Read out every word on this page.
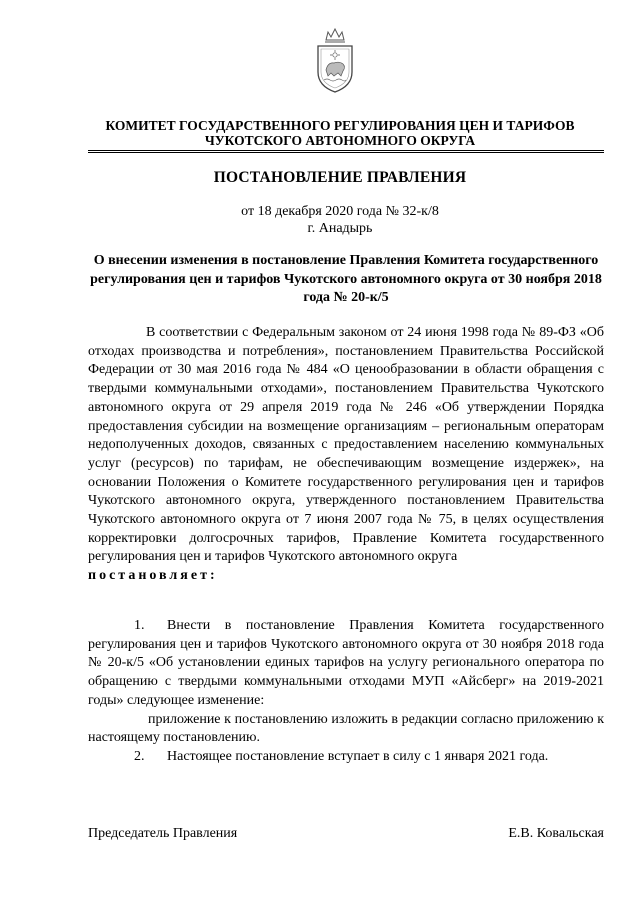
КОМИТЕТ ГОСУДАРСТВЕННОГО РЕГУЛИРОВАНИЯ ЦЕН И ТАРИФОВ
ЧУКОТСКОГО АВТОНОМНОГО ОКРУГА
ПОСТАНОВЛЕНИЕ ПРАВЛЕНИЯ
от 18 декабря 2020 года № 32-к/8
г. Анадырь
О внесении изменения в постановление Правления Комитета государственного регулирования цен и тарифов Чукотского автономного округа от 30 ноября 2018 года № 20-к/5

В соответствии с Федеральным законом от 24 июня 1998 года № 89-ФЗ «Об отходах производства и потребления», постановлением Правительства Российской Федерации от 30 мая 2016 года № 484 «О ценообразовании в области обращения с твердыми коммунальными отходами», постановлением Правительства Чукотского автономного округа от 29 апреля 2019 года № 246 «Об утверждении Порядка предоставления субсидии на возмещение организациям – региональным операторам недополученных доходов, связанных с предоставлением населению коммунальных услуг (ресурсов) по тарифам, не обеспечивающим возмещение издержек», на основании Положения о Комитете государственного регулирования цен и тарифов Чукотского автономного округа, утвержденного постановлением Правительства Чукотского автономного округа от 7 июня 2007 года № 75, в целях осуществления корректировки долгосрочных тарифов, Правление Комитета государственного регулирования цен и тарифов Чукотского автономного округа

постановляет:

1. Внести в постановление Правления Комитета государственного регулирования цен и тарифов Чукотского автономного округа от 30 ноября 2018 года № 20-к/5 «Об установлении единых тарифов на услугу регионального оператора по обращению с твердыми коммунальными отходами МУП «Айсберг» на 2019-2021 годы» следующее изменение:

приложение к постановлению изложить в редакции согласно приложению к настоящему постановлению.

2. Настоящее постановление вступает в силу с 1 января 2021 года.

Председатель Правления	Е.В. Ковальская
